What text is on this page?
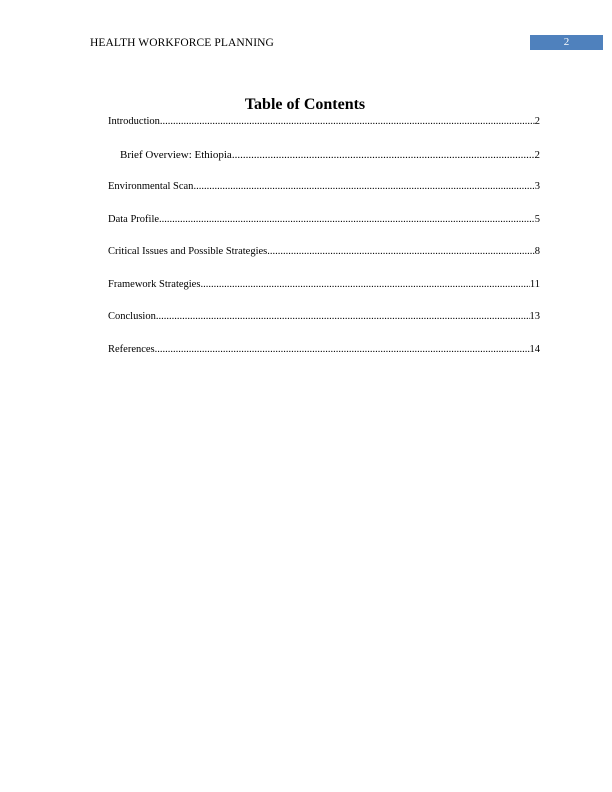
HEALTH WORKFORCE PLANNING	2
Table of Contents
Introduction .....	2
Brief Overview: Ethiopia .....	2
Environmental Scan .....	3
Data Profile .....	5
Critical Issues and Possible Strategies .....	8
Framework Strategies .....	11
Conclusion .....	13
References .....	14
